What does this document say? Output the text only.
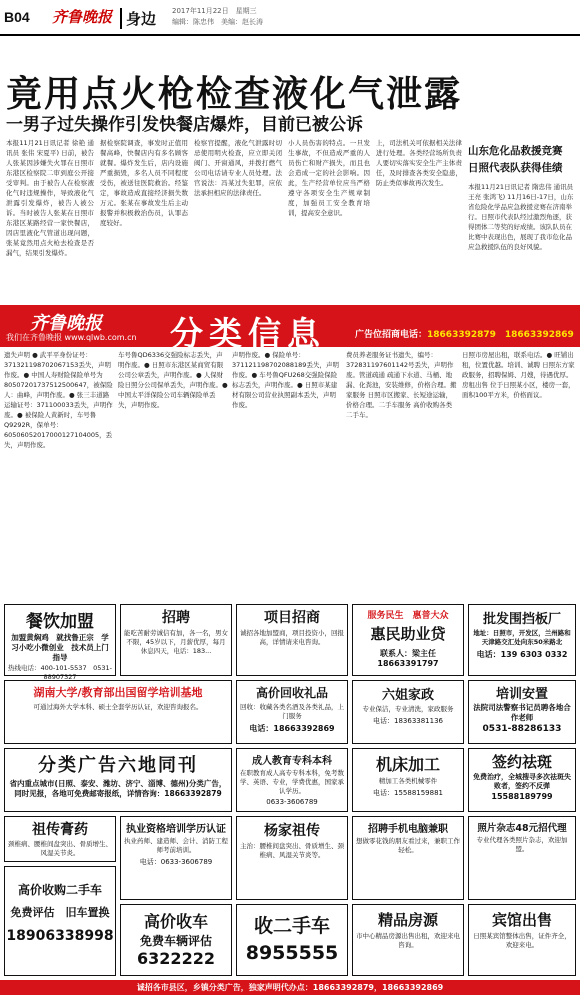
B04 齐鲁晚报 身边 2017年11月22日　星期三
编辑：陈忠伟　美编：赵长涛
竟用点火枪检查液化气泄露
一男子过失操作引发快餐店爆炸，目前已被公诉
本报11月21日讯记者 徐艳 通讯员 张伟 宋夏平) 日前，被告人张某因涉嫌失火罪在日照市东港区检察院二审到庭公开接受审判。由于被告人在检察液化气时违规操作，导致液化气泄露引发爆炸，被告人被公诉。当时被告人张某在日照市东港区某路经营一家快餐店，因店里液化气管道出现问题，张某竟然用点火枪去检查是否漏气，结果引发爆炸。
据检察院调查，事发时正值用餐高峰，快餐店内有多名顾客就餐。爆炸发生后，店内设施严重损毁，多名人员不同程度受伤，被送往医院救治。经鉴定，事故造成直接经济损失数万元。张某在事故发生后主动报警并积极救治伤员，认罪态度较好。
检察官提醒，液化气泄露时切忌使用明火检查，应立即关闭阀门、开窗通风，并拨打燃气公司电话请专业人员处理。法官说法：冯某过失犯罪，应依法承担相应的法律责任。
小人员伤害的特点。一旦发生事故，不但造成严重的人员伤亡和财产损失，而且也会造成一定的社会影响。因此，生产经营单位应当严格遵守各项安全生产规章制度，加强员工安全教育培训，提高安全意识。
上，司法机关可依据相关法律进行处理。各类经营场所负责人要切实落实安全生产主体责任，及时排查各类安全隐患，防止类似事故再次发生。
山东危化品救援竞赛
日照代表队获得佳绩
本报11月21日讯记者 隋忠伟 通讯员 王亮 张鸿飞) 11月16日-17日，山东省危险化学品应急救援竞赛在济南举行。日照市代表队经过激烈角逐，获得团体二等奖的好成绩。该队队员在比赛中表现出色，展现了我市危化品应急救援队伍的良好风貌。
齐鲁晚报
我们在齐鲁晚报 www.qlwb.com.cn 分类信息	广告位招商电话：18663392879　18663392869
遗失声明 ● 武平平身份证号：371321198702067153丢失，声明作废。● 中国人寿财险保险单号为80507201737512500647，被保险人：曲峰，声明作废。● 张三丰道路运输证号：371100033丢失，声明作废。● 被保险人黄新时，车号鲁Q9292R，保单号：60506052017000127104005，丢失，声明作废。
车号鲁QD6336交强险标志丢失，声明作废。● 日照市东港区某商贸有限公司公章丢失，声明作废。● 人保财险日照分公司保单丢失，声明作废。● 中国太平洋保险公司车辆保险单丢失，声明作废。
声明作废。● 保险单号：371121198702088189丢失，声明作废。● 车号鲁QFU268交强险保险标志丢失，声明作废。● 日照市某建材有限公司营业执照副本丢失，声明作废。
费员养老服务证书遗失，编号：372831197601142号丢失，声明作废。管道疏通 疏通下水道、马桶、地漏、化粪池，安装维修，价格合理。搬家服务 日照市区搬家、长短途运输，价格合理。二手车服务 高价收购各类二手车。
日照市房屋出租，联系电话。● 旺铺出租，位置优越。培训、诚聘 日照东方家政服务，招聘保姆、月嫂，待遇优厚。房租出售 位于日照某小区，楼房一套，面积100平方米，价格面议。
餐饮加盟
加盟黄焖鸡　就找鲁正宗　学习小吃小微创业　技术员上门指导
热线电话：400-101-5537　0531-88907327
招聘
能吃苦耐劳诚信有加，各一名，男女不限，45岁以下，月薪优厚，每月休息四天，电话：183...
项目招商
诚招各地加盟商，项目投资小，回报高，详情请来电咨询。
服务民生　惠普大众
惠民助业贷
联系人：梁主任
18663391797
批发围挡板厂
地址：日照市，开发区，兰州路和天津路交汇处向东50米路北
电话：139 6303 0332
湖南大学/教育部出国留学培训基地
可通过海外大学本科、硕士全套学历认证，欢迎咨询报名。
高价回收礼品
回收：收藏各类名酒及各类礼品，上门服务
电话：18663392869
六姐家政
专业保洁，专业清洗，家政服务
电话：18363381136
培训安置
法院司法警察书记员聘各地合作老师
0531-88286133
分类广告六地同刊
省内重点城市(日照、泰安、潍坊、济宁、淄博、德州)分类广告，同时见报，各地可免费邮寄报纸，详情咨询：18663392879
成人教育专科本科
在职教育成人高专专科本科，免考数学、英语、专业，学费优惠，国家承认学历。
0633-3606789
机床加工
精加工各类机械零件
电话：15588159881
签约祛斑
免费治疗，全城搜寻多次祛斑失败者，签约不反弹
15588189799
祖传膏药
颈椎病、腰椎间盘突出、骨质增生、风湿关节炎。
执业资格培训学历认证
执业药师、建造师、会计、消防工程师考前培训。
电话：0633-3606789
杨家祖传
主治：腰椎间盘突出、骨质增生、颈椎病、风湿关节炎等。
招聘手机电脑兼职
想做零花钱的朋友看过来，兼职工作轻松。
照片杂志48元招代理
专业代理各类照片杂志，欢迎加盟。
高价收购二手车
免费评估　旧车置换
18906338998
高价收车
免费车辆评估
6322222
收二手车
8955555
精品房源
市中心精品房源出售出租，欢迎来电咨询。
宾馆出售
日照某宾馆整体出售，证件齐全，欢迎来电。
诚招各市县区，乡镇分类广告，独家声明代办点：18663392879，18663392869
